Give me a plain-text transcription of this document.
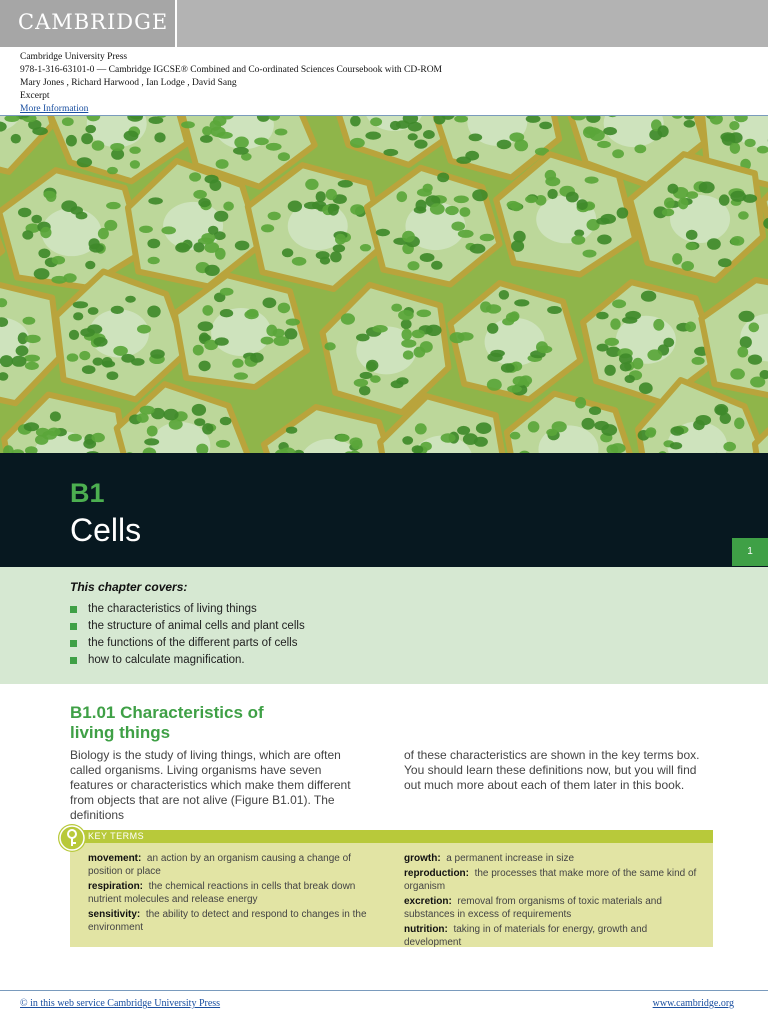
CAMBRIDGE
Cambridge University Press
978-1-316-63101-0 — Cambridge IGCSE® Combined and Co-ordinated Sciences Coursebook with CD-ROM
Mary Jones , Richard Harwood , Ian Lodge , David Sang
Excerpt
More Information
B1
Cells
1
This chapter covers:
the characteristics of living things
the structure of animal cells and plant cells
the functions of the different parts of cells
how to calculate magnification.
B1.01 Characteristics of
living things
Biology is the study of living things, which are often called organisms. Living organisms have seven features or characteristics which make them different from objects that are not alive (Figure B1.01). The definitions
of these characteristics are shown in the key terms box. You should learn these definitions now, but you will find out much more about each of them later in this book.
KEY TERMS
movement: an action by an organism causing a change of position or place
respiration: the chemical reactions in cells that break down nutrient molecules and release energy
sensitivity: the ability to detect and respond to changes in the environment
growth: a permanent increase in size
reproduction: the processes that make more of the same kind of organism
excretion: removal from organisms of toxic materials and substances in excess of requirements
nutrition: taking in of materials for energy, growth and development
© in this web service Cambridge University Press	www.cambridge.org
